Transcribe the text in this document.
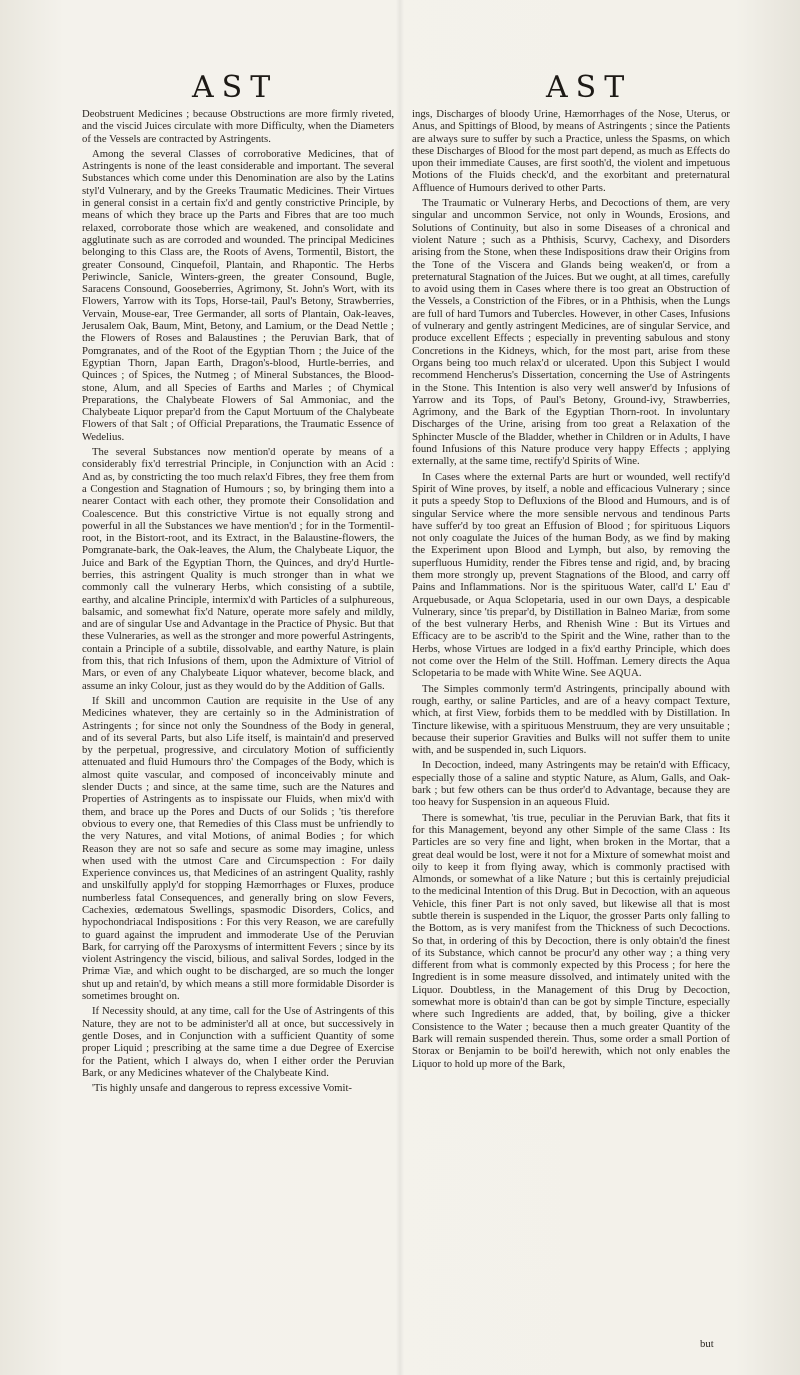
AST	AST

Deobstruent Medicines ; because Obstructions are more firmly riveted, and the viscid Juices circulate with more Difficulty, when the Diameters of the Vessels are contracted by Astringents.

Among the several Classes of corroborative Medicines, that of Astringents is none of the least considerable and important. The several Substances which come under this Denomination are also by the Latins styl'd Vulnerary, and by the Greeks Traumatic Medicines. Their Virtues in general consist in a certain fix'd and gently constrictive Principle, by means of which they brace up the Parts and Fibres that are too much relaxed, corroborate those which are weakened, and consolidate and agglutinate such as are corroded and wounded. The principal Medicines belonging to this Class are, the Roots of Avens, Tormentil, Bistort, the greater Consound, Cinquefoil, Plantain, and Rhapontic. The Herbs Periwincle, Sanicle, Winters-green, the greater Consound, Bugle, Saracens Consound, Gooseberries, Agrimony, St. John's Wort, with its Flowers, Yarrow with its Tops, Horse-tail, Paul's Betony, Strawberries, Vervain, Mouse-ear, Tree Germander, all sorts of Plantain, Oak-leaves, Jerusalem Oak, Baum, Mint, Betony, and Lamium, or the Dead Nettle ; the Flowers of Roses and Balaustines ; the Peruvian Bark, that of Pomgranates, and of the Root of the Egyptian Thorn ; the Juice of the Egyptian Thorn, Japan Earth, Dragon's-blood, Hurtle-berries, and Quinces ; of Spices, the Nutmeg ; of Mineral Substances, the Blood-stone, Alum, and all Species of Earths and Marles ; of Chymical Preparations, the Chalybeate Flowers of Sal Ammoniac, and the Chalybeate Liquor prepar'd from the Caput Mortuum of the Chalybeate Flowers of that Salt ; of Official Preparations, the Traumatic Essence of Wedelius.

The several Substances now mention'd operate by means of a considerably fix'd terrestrial Principle, in Conjunction with an Acid : And as, by constricting the too much relax'd Fibres, they free them from a Congestion and Stagnation of Humours ; so, by bringing them into a nearer Contact with each other, they promote their Consolidation and Coalescence. But this constrictive Virtue is not equally strong and powerful in all the Substances we have mention'd ; for in the Tormentil-root, in the Bistort-root, and its Extract, in the Balaustine-flowers, the Pomgranate-bark, the Oak-leaves, the Alum, the Chalybeate Liquor, the Juice and Bark of the Egyptian Thorn, the Quinces, and dry'd Hurtle-berries, this astringent Quality is much stronger than in what we commonly call the vulnerary Herbs, which consisting of a subtile, earthy, and alcaline Principle, intermix'd with Particles of a sulphureous, balsamic, and somewhat fix'd Nature, operate more safely and mildly, and are of singular Use and Advantage in the Practice of Physic. But that these Vulneraries, as well as the stronger and more powerful Astringents, contain a Principle of a subtile, dissolvable, and earthy Nature, is plain from this, that rich Infusions of them, upon the Admixture of Vitriol of Mars, or even of any Chalybeate Liquor whatever, become black, and assume an inky Colour, just as they would do by the Addition of Galls.

If Skill and uncommon Caution are requisite in the Use of any Medicines whatever, they are certainly so in the Administration of Astringents ; for since not only the Soundness of the Body in general, and of its several Parts, but also Life itself, is maintain'd and preserved by the perpetual, progressive, and circulatory Motion of sufficiently attenuated and fluid Humours thro' the Compages of the Body, which is almost quite vascular, and composed of inconceivably minute and slender Ducts ; and since, at the same time, such are the Natures and Properties of Astringents as to inspissate our Fluids, when mix'd with them, and brace up the Pores and Ducts of our Solids ; 'tis therefore obvious to every one, that Remedies of this Class must be unfriendly to the very Natures, and vital Motions, of animal Bodies ; for which Reason they are not so safe and secure as some may imagine, unless when used with the utmost Care and Circumspection : For daily Experience convinces us, that Medicines of an astringent Quality, rashly and unskilfully apply'd for stopping Hæmorrhages or Fluxes, produce numberless fatal Consequences, and generally bring on slow Fevers, Cachexies, œdematous Swellings, spasmodic Disorders, Colics, and hypochondriacal Indispositions : For this very Reason, we are carefully to guard against the imprudent and immoderate Use of the Peruvian Bark, for carrying off the Paroxysms of intermittent Fevers ; since by its violent Astringency the viscid, bilious, and salival Sordes, lodged in the Primæ Viæ, and which ought to be discharged, are so much the longer shut up and retain'd, by which means a still more formidable Disorder is sometimes brought on.

If Necessity should, at any time, call for the Use of Astringents of this Nature, they are not to be administer'd all at once, but successively in gentle Doses, and in Conjunction with a sufficient Quantity of some proper Liquid ; prescribing at the same time a due Degree of Exercise for the Patient, which I always do, when I either order the Peruvian Bark, or any Medicines whatever of the Chalybeate Kind.

'Tis highly unsafe and dangerous to repress excessive Vomit-

ings, Discharges of bloody Urine, Hæmorrhages of the Nose, Uterus, or Anus, and Spittings of Blood, by means of Astringents ; since the Patients are always sure to suffer by such a Practice, unless the Spasms, on which these Discharges of Blood for the most part depend, as much as Effects do upon their immediate Causes, are first sooth'd, the violent and impetuous Motions of the Fluids check'd, and the exorbitant and preternatural Affluence of Humours derived to other Parts.

The Traumatic or Vulnerary Herbs, and Decoctions of them, are very singular and uncommon Service, not only in Wounds, Erosions, and Solutions of Continuity, but also in some Diseases of a chronical and violent Nature ; such as a Phthisis, Scurvy, Cachexy, and Disorders arising from the Stone, when these Indispositions draw their Origins from the Tone of the Viscera and Glands being weaken'd, or from a preternatural Stagnation of the Juices. But we ought, at all times, carefully to avoid using them in Cases where there is too great an Obstruction of the Vessels, a Constriction of the Fibres, or in a Phthisis, when the Lungs are full of hard Tumors and Tubercles. However, in other Cases, Infusions of vulnerary and gently astringent Medicines, are of singular Service, and produce excellent Effects ; especially in preventing sabulous and stony Concretions in the Kidneys, which, for the most part, arise from these Organs being too much relax'd or ulcerated. Upon this Subject I would recommend Hencherus's Dissertation, concerning the Use of Astringents in the Stone. This Intention is also very well answer'd by Infusions of Yarrow and its Tops, of Paul's Betony, Ground-ivy, Strawberries, Agrimony, and the Bark of the Egyptian Thorn-root. In involuntary Discharges of the Urine, arising from too great a Relaxation of the Sphincter Muscle of the Bladder, whether in Children or in Adults, I have found Infusions of this Nature produce very happy Effects ; applying externally, at the same time, rectify'd Spirits of Wine.

In Cases where the external Parts are hurt or wounded, well rectify'd Spirit of Wine proves, by itself, a noble and efficacious Vulnerary ; since it puts a speedy Stop to Defluxions of the Blood and Humours, and is of singular Service where the more sensible nervous and tendinous Parts have suffer'd by too great an Effusion of Blood ; for spirituous Liquors not only coagulate the Juices of the human Body, as we find by making the Experiment upon Blood and Lymph, but also, by removing the superfluous Humidity, render the Fibres tense and rigid, and, by bracing them more strongly up, prevent Stagnations of the Blood, and carry off Pains and Inflammations. Nor is the spirituous Water, call'd L' Eau d' Arquebusade, or Aqua Sclopetaria, used in our own Days, a despicable Vulnerary, since 'tis prepar'd, by Distillation in Balneo Mariæ, from some of the best vulnerary Herbs, and Rhenish Wine : But its Virtues and Efficacy are to be ascrib'd to the Spirit and the Wine, rather than to the Herbs, whose Virtues are lodged in a fix'd earthy Principle, which does not come over the Helm of the Still. Hoffman. Lemery directs the Aqua Sclopetaria to be made with White Wine. See AQUA.

The Simples commonly term'd Astringents, principally abound with rough, earthy, or saline Particles, and are of a heavy compact Texture, which, at first View, forbids them to be meddled with by Distillation. In Tincture likewise, with a spirituous Menstruum, they are very unsuitable ; because their superior Gravities and Bulks will not suffer them to unite with, and be suspended in, such Liquors.

In Decoction, indeed, many Astringents may be retain'd with Efficacy, especially those of a saline and styptic Nature, as Alum, Galls, and Oak-bark ; but few others can be thus order'd to Advantage, because they are too heavy for Suspension in an aqueous Fluid.

There is somewhat, 'tis true, peculiar in the Peruvian Bark, that fits it for this Management, beyond any other Simple of the same Class : Its Particles are so very fine and light, when broken in the Mortar, that a great deal would be lost, were it not for a Mixture of somewhat moist and oily to keep it from flying away, which is commonly practised with Almonds, or somewhat of a like Nature ; but this is certainly prejudicial to the medicinal Intention of this Drug. But in Decoction, with an aqueous Vehicle, this finer Part is not only saved, but likewise all that is most subtle therein is suspended in the Liquor, the grosser Parts only falling to the Bottom, as is very manifest from the Thickness of such Decoctions. So that, in ordering of this by Decoction, there is only obtain'd the finest of its Substance, which cannot be procur'd any other way ; a thing very different from what is commonly expected by this Process ; for here the Ingredient is in some measure dissolved, and intimately united with the Liquor. Doubtless, in the Management of this Drug by Decoction, somewhat more is obtain'd than can be got by simple Tincture, especially where such Ingredients are added, that, by boiling, give a thicker Consistence to the Water ; because then a much greater Quantity of the Bark will remain suspended therein. Thus, some order a small Portion of Storax or Benjamin to be boil'd herewith, which not only enables the Liquor to hold up more of the Bark,

but
